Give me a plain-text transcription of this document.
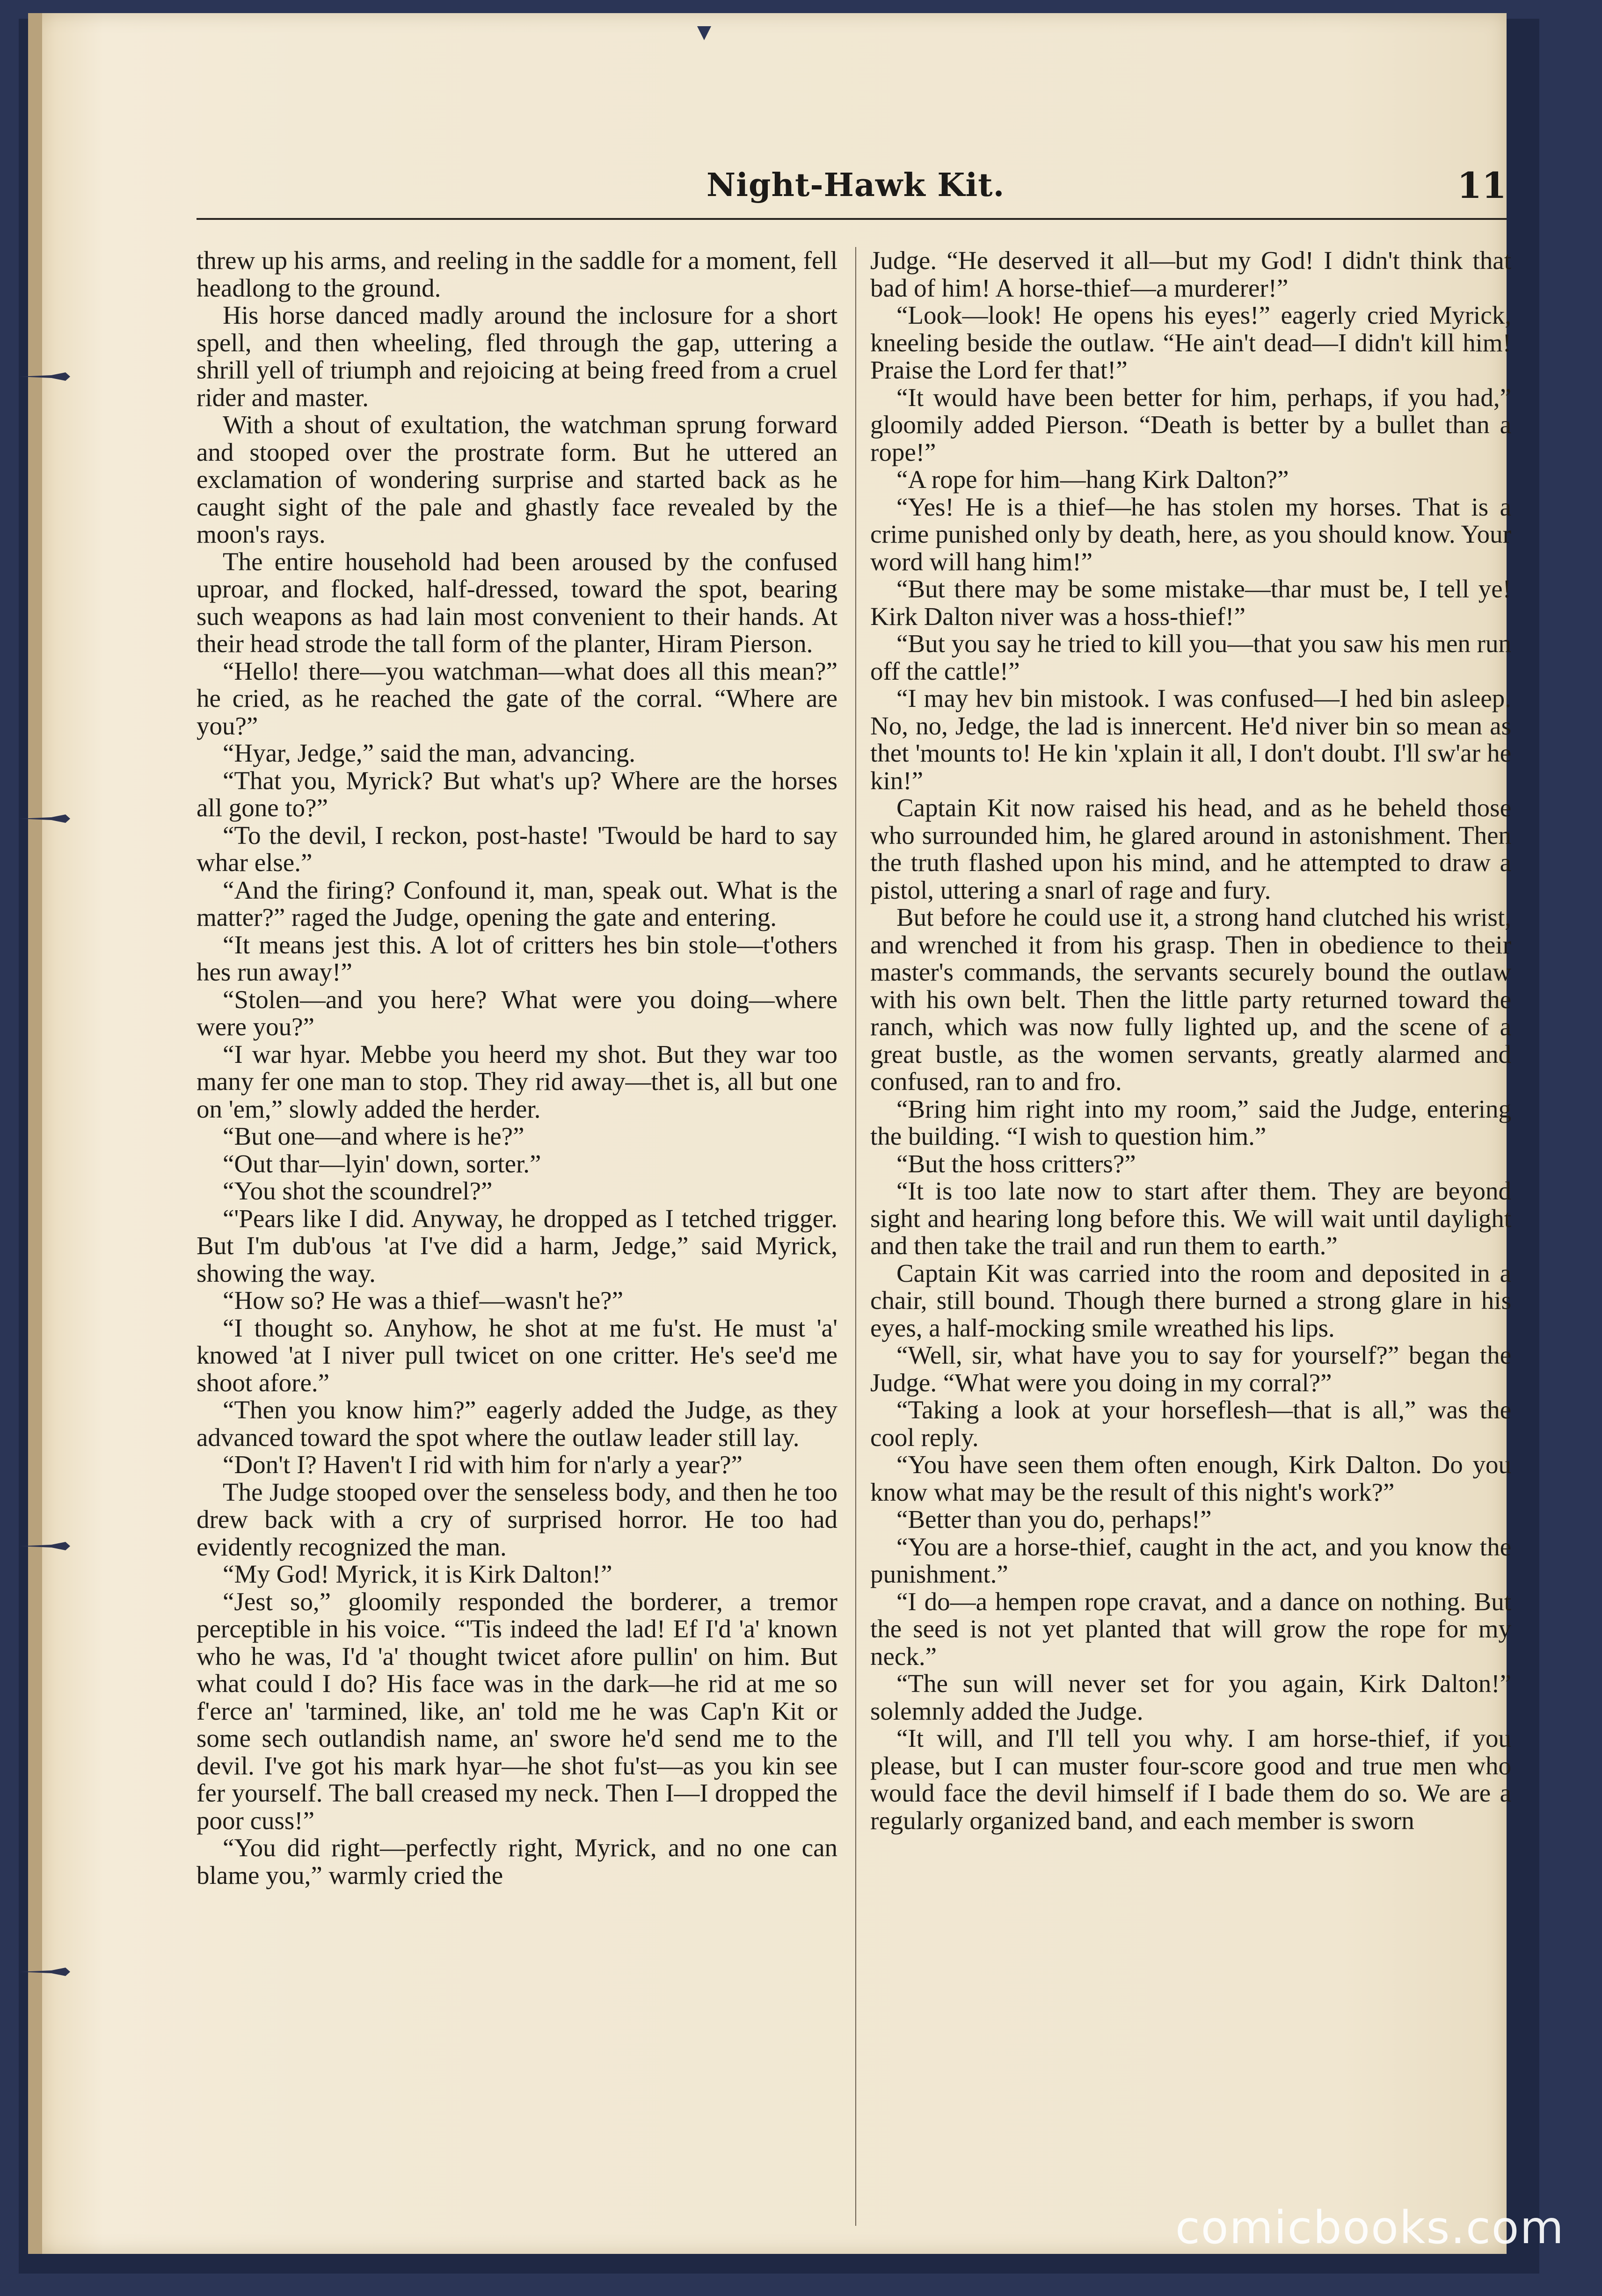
Night-Hawk Kit.	11

threw up his arms, and reeling in the saddle for a moment, fell headlong to the ground.

His horse danced madly around the inclosure for a short spell, and then wheeling, fled through the gap, uttering a shrill yell of triumph and rejoicing at being freed from a cruel rider and master.

With a shout of exultation, the watchman sprung forward and stooped over the prostrate form. But he uttered an exclamation of wondering surprise and started back as he caught sight of the pale and ghastly face revealed by the moon's rays.

The entire household had been aroused by the confused uproar, and flocked, half-dressed, toward the spot, bearing such weapons as had lain most convenient to their hands. At their head strode the tall form of the planter, Hiram Pierson.

“Hello! there—you watchman—what does all this mean?” he cried, as he reached the gate of the corral. “Where are you?”

“Hyar, Jedge,” said the man, advancing.

“That you, Myrick? But what's up? Where are the horses all gone to?”

“To the devil, I reckon, post-haste! 'Twould be hard to say whar else.”

“And the firing? Confound it, man, speak out. What is the matter?” raged the Judge, opening the gate and entering.

“It means jest this. A lot of critters hes bin stole—t'others hes run away!”

“Stolen—and you here? What were you doing—where were you?”

“I war hyar. Mebbe you heerd my shot. But they war too many fer one man to stop. They rid away—thet is, all but one on 'em,” slowly added the herder.

“But one—and where is he?”

“Out thar—lyin' down, sorter.”

“You shot the scoundrel?”

“'Pears like I did. Anyway, he dropped as I tetched trigger. But I'm dub'ous 'at I've did a harm, Jedge,” said Myrick, showing the way.

“How so? He was a thief—wasn't he?”

“I thought so. Anyhow, he shot at me fu'st. He must 'a' knowed 'at I niver pull twicet on one critter. He's see'd me shoot afore.”

“Then you know him?” eagerly added the Judge, as they advanced toward the spot where the outlaw leader still lay.

“Don't I? Haven't I rid with him for n'arly a year?”

The Judge stooped over the senseless body, and then he too drew back with a cry of surprised horror. He too had evidently recognized the man.

“My God! Myrick, it is Kirk Dalton!”

“Jest so,” gloomily responded the borderer, a tremor perceptible in his voice. “'Tis indeed the lad! Ef I'd 'a' known who he was, I'd 'a' thought twicet afore pullin' on him. But what could I do? His face was in the dark—he rid at me so f'erce an' 'tarmined, like, an' told me he was Cap'n Kit or some sech outlandish name, an' swore he'd send me to the devil. I've got his mark hyar—he shot fu'st—as you kin see fer yourself. The ball creased my neck. Then I—I dropped the poor cuss!”

“You did right—perfectly right, Myrick, and no one can blame you,” warmly cried the

Judge. “He deserved it all—but my God! I didn't think that bad of him! A horse-thief—a murderer!”

“Look—look! He opens his eyes!” eagerly cried Myrick, kneeling beside the outlaw. “He ain't dead—I didn't kill him! Praise the Lord fer that!”

“It would have been better for him, perhaps, if you had,” gloomily added Pierson. “Death is better by a bullet than a rope!”

“A rope for him—hang Kirk Dalton?”

“Yes! He is a thief—he has stolen my horses. That is a crime punished only by death, here, as you should know. Your word will hang him!”

“But there may be some mistake—thar must be, I tell ye! Kirk Dalton niver was a hoss-thief!”

“But you say he tried to kill you—that you saw his men run off the cattle!”

“I may hev bin mistook. I was confused—I hed bin asleep. No, no, Jedge, the lad is innercent. He'd niver bin so mean as thet 'mounts to! He kin 'xplain it all, I don't doubt. I'll sw'ar he kin!”

Captain Kit now raised his head, and as he beheld those who surrounded him, he glared around in astonishment. Then the truth flashed upon his mind, and he attempted to draw a pistol, uttering a snarl of rage and fury.

But before he could use it, a strong hand clutched his wrist, and wrenched it from his grasp. Then in obedience to their master's commands, the servants securely bound the outlaw with his own belt. Then the little party returned toward the ranch, which was now fully lighted up, and the scene of a great bustle, as the women servants, greatly alarmed and confused, ran to and fro.

“Bring him right into my room,” said the Judge, entering the building. “I wish to question him.”

“But the hoss critters?”

“It is too late now to start after them. They are beyond sight and hearing long before this. We will wait until daylight and then take the trail and run them to earth.”

Captain Kit was carried into the room and deposited in a chair, still bound. Though there burned a strong glare in his eyes, a half-mocking smile wreathed his lips.

“Well, sir, what have you to say for yourself?” began the Judge. “What were you doing in my corral?”

“Taking a look at your horseflesh—that is all,” was the cool reply.

“You have seen them often enough, Kirk Dalton. Do you know what may be the result of this night's work?”

“Better than you do, perhaps!”

“You are a horse-thief, caught in the act, and you know the punishment.”

“I do—a hempen rope cravat, and a dance on nothing. But the seed is not yet planted that will grow the rope for my neck.”

“The sun will never set for you again, Kirk Dalton!” solemnly added the Judge.

“It will, and I'll tell you why. I am horse-thief, if you please, but I can muster four-score good and true men who would face the devil himself if I bade them do so. We are a regularly organized band, and each member is sworn

comicbooks.com
